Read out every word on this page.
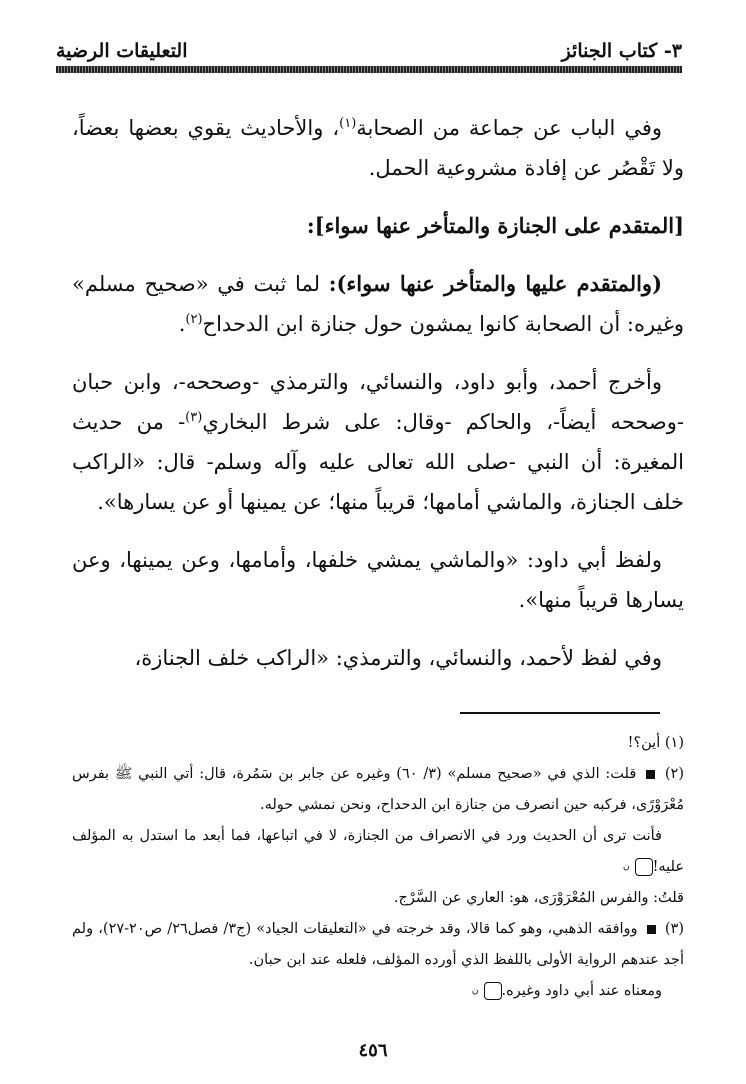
٣- كتاب الجنائز
التعليقات الرضية

وفي الباب عن جماعة من الصحابة$^{(١)}$، والأحاديث يقوي بعضها بعضاً، ولا تَقْصُر عن إفادة مشروعية الحمل.

[المتقدم على الجنازة والمتأخر عنها سواء]:

(والمتقدم عليها والمتأخر عنها سواء): لما ثبت في «صحيح مسلم» وغيره: أن الصحابة كانوا يمشون حول جنازة ابن الدحداح$^{(٢)}$.

وأخرج أحمد، وأبو داود، والنسائي، والترمذي -وصححه-، وابن حبان -وصححه أيضاً-، والحاكم -وقال: على شرط البخاري$^{(٣)}$- من حديث المغيرة: أن النبي -صلى الله تعالى عليه وآله وسلم- قال: «الراكب خلف الجنازة، والماشي أمامها؛ قريباً منها؛ عن يمينها أو عن يسارها».

ولفظ أبي داود: «والماشي يمشي خلفها، وأمامها، وعن يمينها، وعن يسارها قريباً منها».

وفي لفظ لأحمد، والنسائي، والترمذي: «الراكب خلف الجنازة،

(١) أين؟!

(٢)  قلت: الذي في «صحيح مسلم» (٣/ ٦٠) وغيره عن جابر بن سَمُرة، قال: أتي النبي ﷺ بفرس مُعْرَوْرًى، فركبه حين انصرف من جنازة ابن الدحداح، ونحن نمشي حوله.

فأنت ترى أن الحديث ورد في الانصراف من الجنازة، لا في اتباعها، فما أبعد ما استدل به المؤلف عليه!ن

قلتُ: والفرس المُعْرَوْرَى، هو: العاري عن السَّرْج.

(٣)  ووافقه الذهبي، وهو كما قالا، وقد خرجته في «التعليقات الجياد» (ج٣/ فصل٢٦/ ص٢٠-٢٧)، ولم أجد عندهم الرواية الأولى باللفظ الذي أورده المؤلف، فلعله عند ابن حبان.

ومعناه عند أبي داود وغيره.ن

٤٥٦
